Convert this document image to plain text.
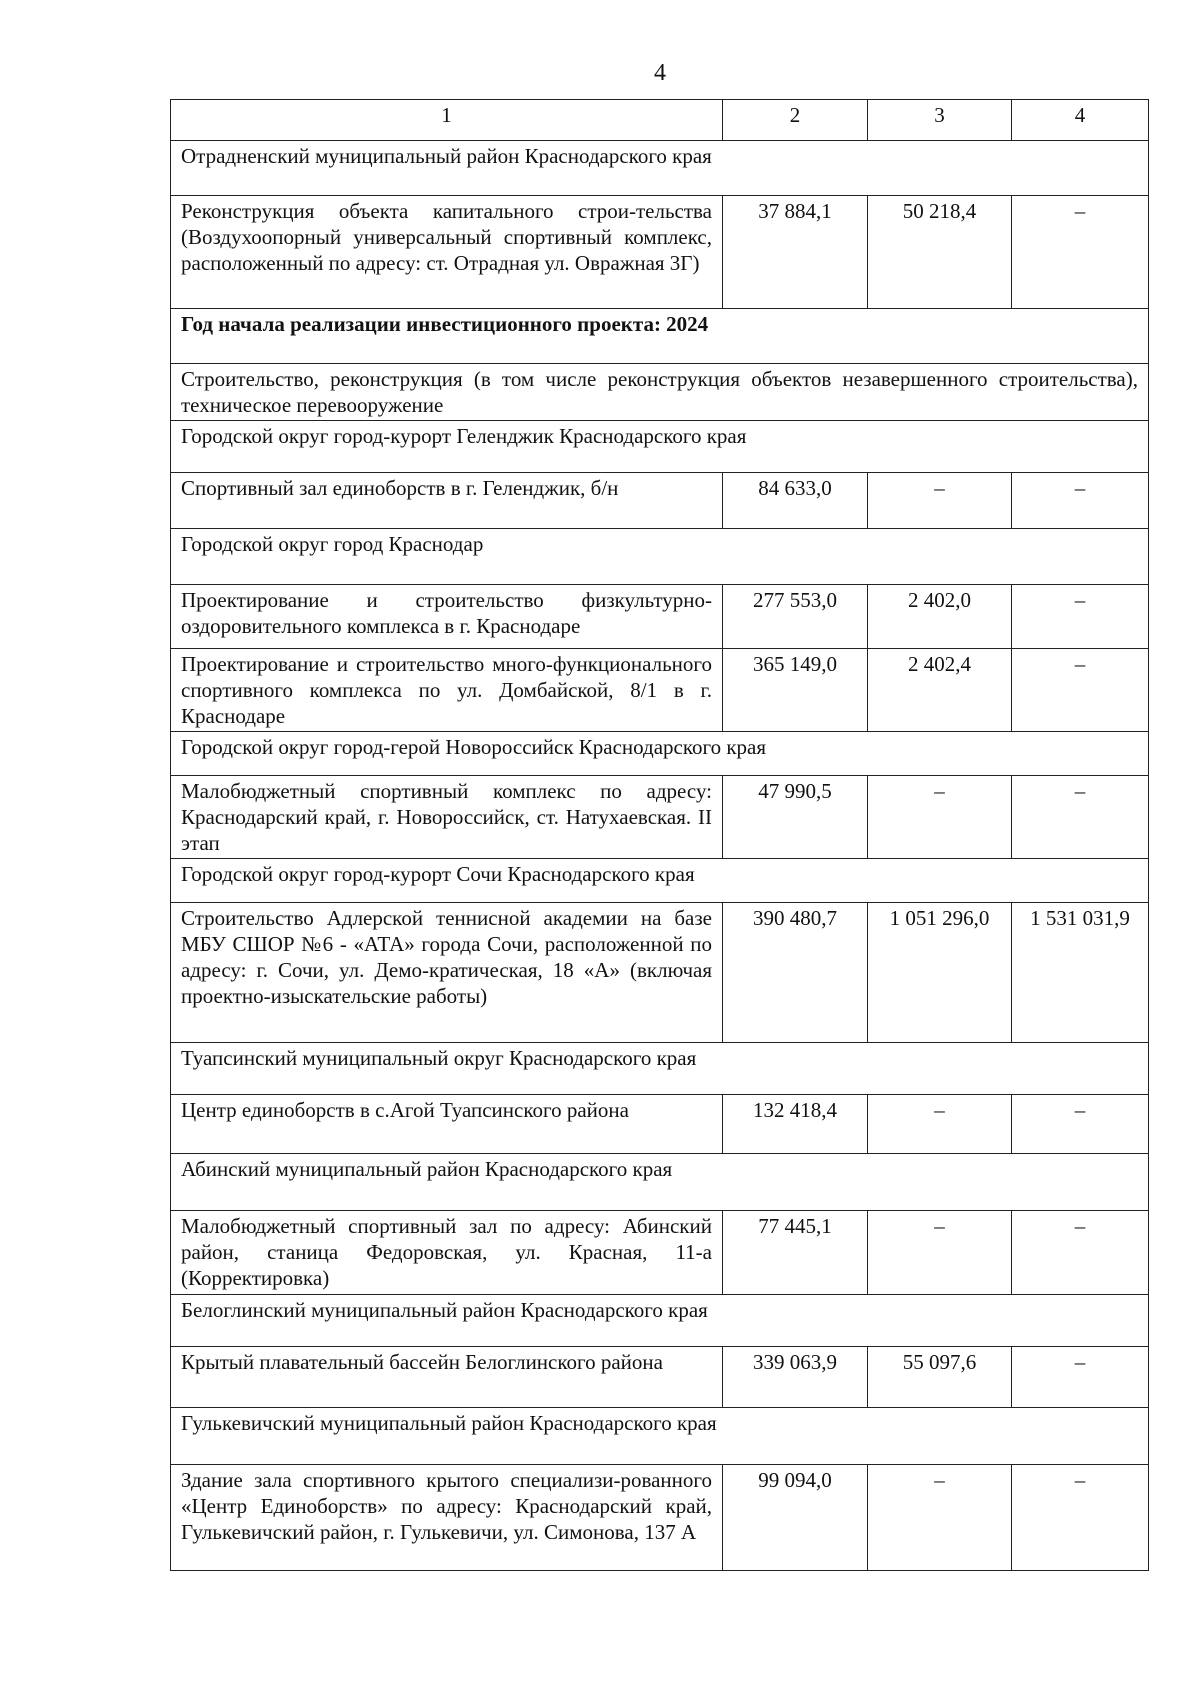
4
1	2	3	4
Отрадненский муниципальный район Краснодарского края			
Реконструкция объекта капитального строи-тельства (Воздухоопорный универсальный спортивный комплекс, расположенный по адресу: ст. Отрадная ул. Овражная 3Г)	37 884,1	50 218,4	–
Год начала реализации инвестиционного проекта: 2024			
Строительство, реконструкция (в том числе реконструкция объектов незавершенного строительства), техническое перевооружение			
Городской округ город-курорт Геленджик Краснодарского края			
Спортивный зал единоборств в г. Геленджик, б/н	84 633,0	–	–
Городской округ город Краснодар			
Проектирование и строительство физкультурно-оздоровительного комплекса в г. Краснодаре	277 553,0	2 402,0	–
Проектирование и строительство много-функционального спортивного комплекса по ул. Домбайской, 8/1 в г. Краснодаре	365 149,0	2 402,4	–
Городской округ город-герой Новороссийск Краснодарского края			
Малобюджетный спортивный комплекс по адресу: Краснодарский край, г. Новороссийск, ст. Натухаевская. II этап	47 990,5	–	–
Городской округ город-курорт Сочи Краснодарского края			
Строительство Адлерской теннисной академии на базе МБУ СШОР №6 - «АТА» города Сочи, расположенной по адресу: г. Сочи, ул. Демо-кратическая, 18 «А» (включая проектно-изыскательские работы)	390 480,7	1 051 296,0	1 531 031,9
Туапсинский муниципальный округ Краснодарского края			
Центр единоборств в с.Агой Туапсинского района	132 418,4	–	–
Абинский муниципальный район Краснодарского края			
Малобюджетный спортивный зал по адресу: Абинский район, станица Федоровская, ул. Красная, 11-а (Корректировка)	77 445,1	–	–
Белоглинский муниципальный район Краснодарского края			
Крытый плавательный бассейн Белоглинского района	339 063,9	55 097,6	–
Гулькевичский муниципальный район Краснодарского края			
Здание зала спортивного крытого специализи-рованного «Центр Единоборств» по адресу: Краснодарский край, Гулькевичский район, г. Гулькевичи, ул. Симонова, 137 А	99 094,0	–	–
